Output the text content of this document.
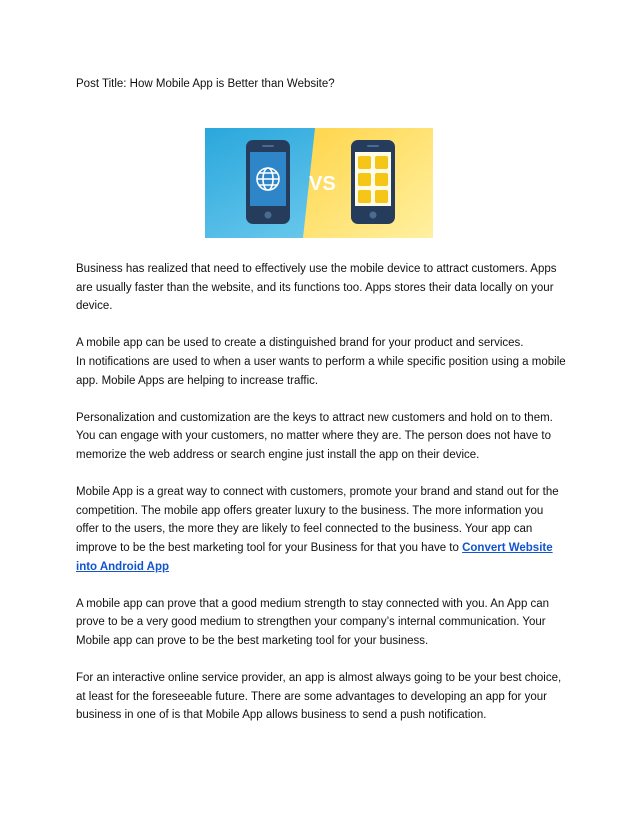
Post Title: How Mobile App is Better than Website?
VS

Business has realized that need to effectively use the mobile device to attract customers. Apps are usually faster than the website, and its functions too. Apps stores their data locally on your device.

A mobile app can be used to create a distinguished brand for your product and services.
In notifications are used to when a user wants to perform a while specific position using a mobile app. Mobile Apps are helping to increase traffic.

Personalization and customization are the keys to attract new customers and hold on to them. You can engage with your customers, no matter where they are. The person does not have to memorize the web address or search engine just install the app on their device.

Mobile App is a great way to connect with customers, promote your brand and stand out for the competition. The mobile app offers greater luxury to the business. The more information you offer to the users, the more they are likely to feel connected to the business. Your app can improve to be the best marketing tool for your Business for that you have to Convert Website into Android App

A mobile app can prove that a good medium strength to stay connected with you. An App can prove to be a very good medium to strengthen your company’s internal communication. Your Mobile app can prove to be the best marketing tool for your business.

For an interactive online service provider, an app is almost always going to be your best choice, at least for the foreseeable future. There are some advantages to developing an app for your business in one of is that Mobile App allows business to send a push notification.
